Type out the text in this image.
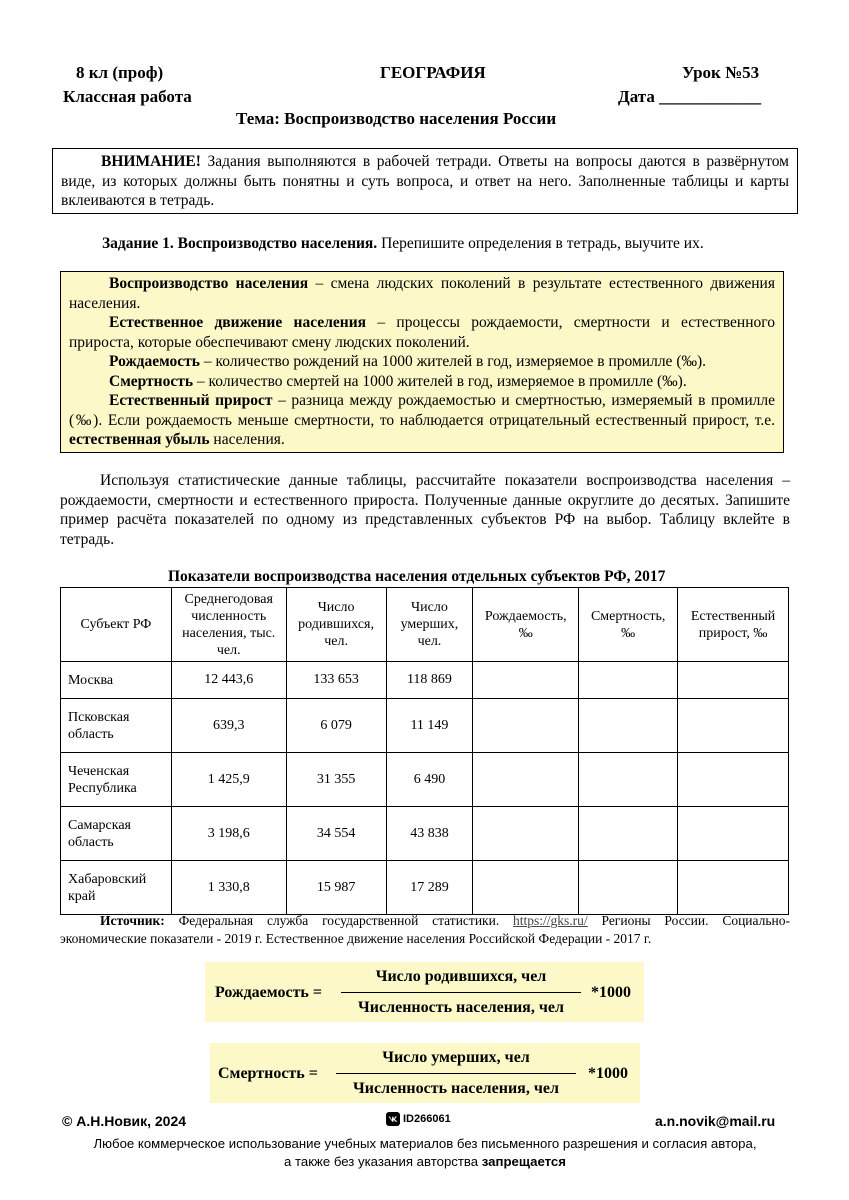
8 кл (проф)	ГЕОГРАФИЯ	Урок №53
Классная работа	Дата ____________
Тема: Воспроизводство населения России
ВНИМАНИЕ! Задания выполняются в рабочей тетради. Ответы на вопросы даются в развёрнутом виде, из которых должны быть понятны и суть вопроса, и ответ на него. Заполненные таблицы и карты вклеиваются в тетрадь.
Задание 1. Воспроизводство населения. Перепишите определения в тетрадь, выучите их.

Воспроизводство населения – смена людских поколений в результате естественного движения населения.

Естественное движение населения – процессы рождаемости, смертности и естественного прироста, которые обеспечивают смену людских поколений.

Рождаемость – количество рождений на 1000 жителей в год, измеряемое в промилле (‰).

Смертность – количество смертей на 1000 жителей в год, измеряемое в промилле (‰).

Естественный прирост – разница между рождаемостью и смертностью, измеряемый в промилле (‰). Если рождаемость меньше смертности, то наблюдается отрицательный естественный прирост, т.е. естественная убыль населения.

Используя статистические данные таблицы, рассчитайте показатели воспроизводства населения – рождаемости, смертности и естественного прироста. Полученные данные округлите до десятых. Запишите пример расчёта показателей по одному из представленных субъектов РФ на выбор. Таблицу вклейте в тетрадь.

Показатели воспроизводства населения отдельных субъектов РФ, 2017
Субъект РФ	Среднегодовая численность населения, тыс. чел.	Число родившихся, чел.	Число умерших, чел.	Рождаемость, ‰	Смертность, ‰	Естественный прирост, ‰
Москва	12 443,6	133 653	118 869			
Псковская область	639,3	6 079	11 149			
Чеченская Республика	1 425,9	31 355	6 490			
Самарская область	3 198,6	34 554	43 838			
Хабаровский край	1 330,8	15 987	17 289			
Источник: Федеральная служба государственной статистики. https://gks.ru/ Регионы России. Социально-экономические показатели - 2019 г. Естественное движение населения Российской Федерации - 2017 г.
Рождаемость =
Число родившихся, чел
Численность населения, чел
*1000
Смертность =
Число умерших, чел
Численность населения, чел
*1000
© А.Н.Новик, 2024	ID266061	a.n.novik@mail.ru
Любое коммерческое использование учебных материалов без письменного разрешения и согласия автора,
а также без указания авторства запрещается
